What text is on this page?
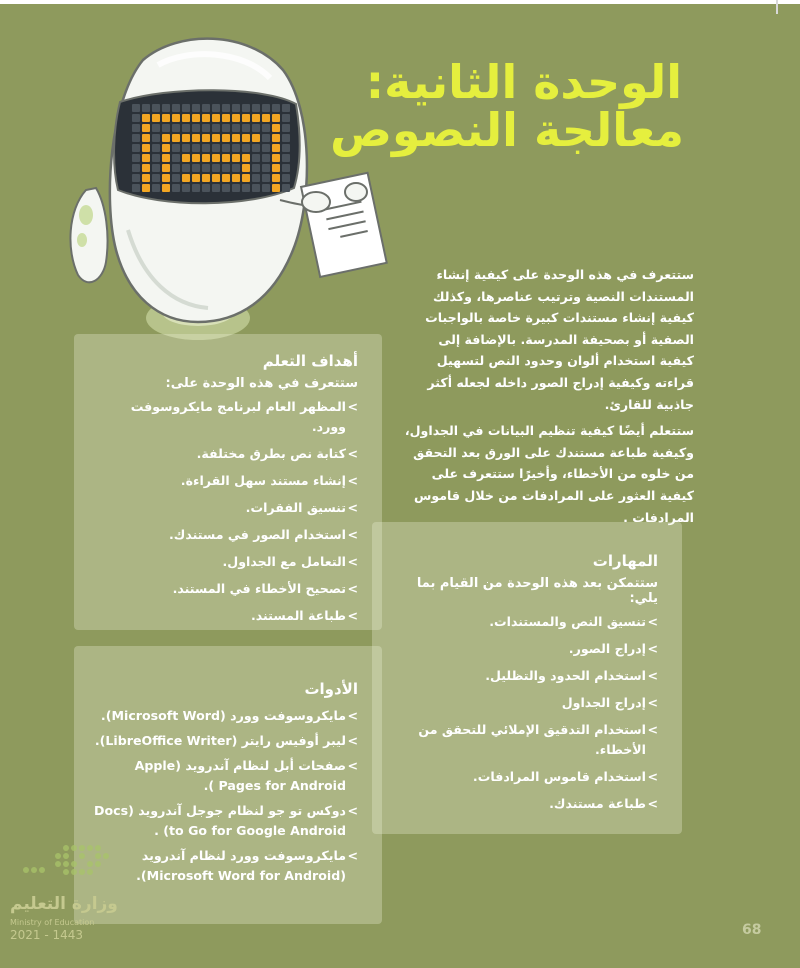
الوحدة الثانية:
معالجة النصوص

ستتعرف في هذه الوحدة على كيفية إنشاء المستندات النصية وترتيب عناصرها، وكذلك كيفية إنشاء مستندات كبيرة خاصة بالواجبات الصفية أو بصحيفة المدرسة. بالإضافة إلى كيفية استخدام ألوان وحدود النص لتسهيل قراءته وكيفية إدراج الصور داخله لجعله أكثر جاذبية للقارئ.

ستتعلم أيضًا كيفية تنظيم البيانات في الجداول، وكيفية طباعة مستندك على الورق بعد التحقق من خلوه من الأخطاء، وأخيرًا ستتعرف على كيفية العثور على المرادفات من خلال قاموس المرادفات .

أهداف التعلم
ستتعرف في هذه الوحدة على:
>
المظهر العام لبرنامج مايكروسوفت وورد.
>
كتابة نص بطرق مختلفة.
>
إنشاء مستند سهل القراءة.
>
تنسيق الفقرات.
>
استخدام الصور في مستندك.
>
التعامل مع الجداول.
>
تصحيح الأخطاء في المستند.
>
طباعة المستند.
المهارات
ستتمكن بعد هذه الوحدة من القيام بما يلي:
>
تنسيق النص والمستندات.
>
إدراج الصور.
>
استخدام الحدود والتظليل.
>
إدراج الجداول
>
استخدام التدقيق الإملائي للتحقق من الأخطاء.
>
استخدام قاموس المرادفات.
>
طباعة مستندك.
الأدوات
>
مايكروسوفت وورد (Microsoft Word).
>
ليبر أوفيس رايتر (LibreOffice Writer).
>
صفحات أبل لنظام آندرويد (Apple Pages for Android ).
>
دوكس تو جو لنظام جوجل آندرويد (Docs to Go for Google Android) .
>
مايكروسوفت وورد لنظام آندرويد (Microsoft Word for Android).
وزارة التعليم
Ministry of Education
2021 - 1443	68
